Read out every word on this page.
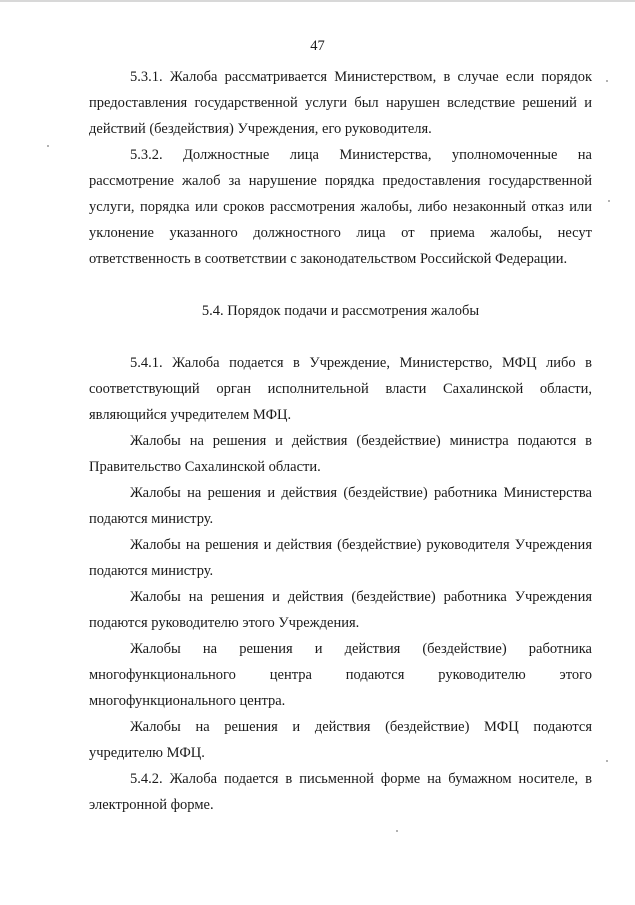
47

5.3.1. Жалоба рассматривается Министерством, в случае если порядок предоставления государственной услуги был нарушен вследствие решений и действий (бездействия) Учреждения, его руководителя.

5.3.2. Должностные лица Министерства, уполномоченные на рассмотрение жалоб за нарушение порядка предоставления государственной услуги, порядка или сроков рассмотрения жалобы, либо незаконный отказ или уклонение указанного должностного лица от приема жалобы, несут ответственность в соответствии с законодательством Российской Федерации.

5.4. Порядок подачи и рассмотрения жалобы

5.4.1. Жалоба подается в Учреждение, Министерство, МФЦ либо в соответствующий орган исполнительной власти Сахалинской области, являющийся учредителем МФЦ.

Жалобы на решения и действия (бездействие) министра подаются в Правительство Сахалинской области.

Жалобы на решения и действия (бездействие) работника Министерства подаются министру.

Жалобы на решения и действия (бездействие) руководителя Учреждения подаются министру.

Жалобы на решения и действия (бездействие) работника Учреждения подаются руководителю этого Учреждения.

Жалобы на решения и действия (бездействие) работника многофункционального центра подаются руководителю этого многофункционального центра.

Жалобы на решения и действия (бездействие) МФЦ подаются учредителю МФЦ.

5.4.2. Жалоба подается в письменной форме на бумажном носителе, в электронной форме.
